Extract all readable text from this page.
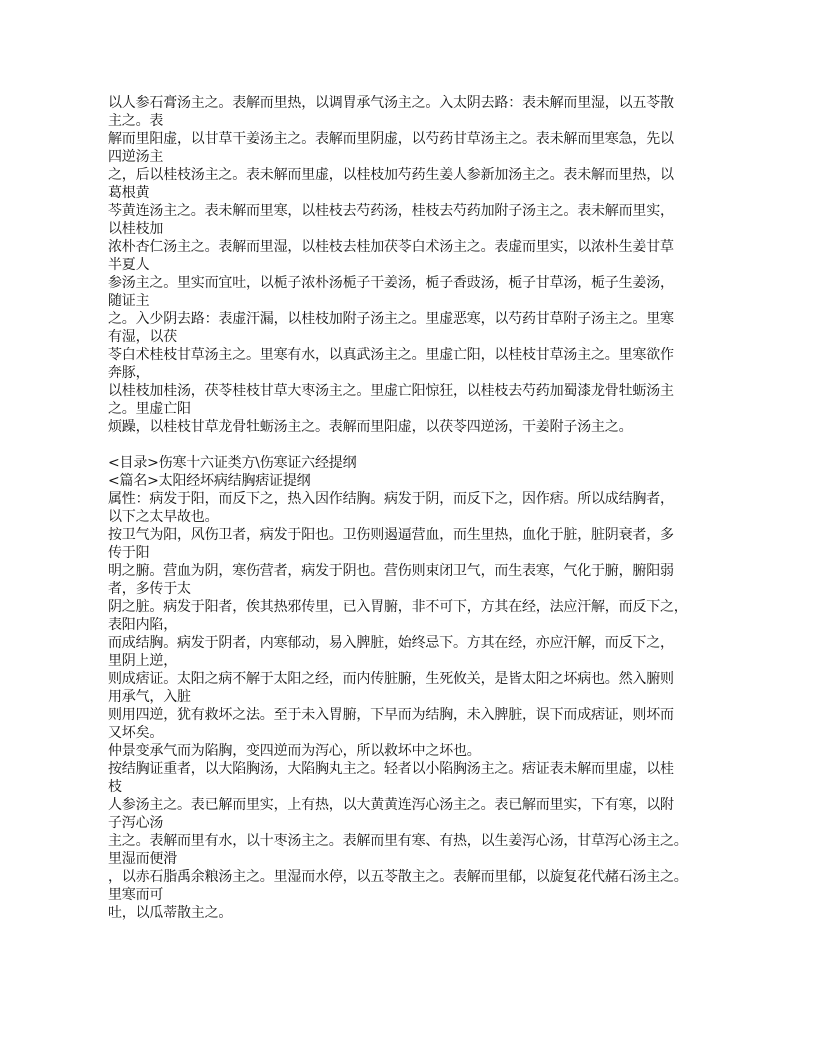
以人参石膏汤主之。表解而里热，以调胃承气汤主之。入太阴去路：表未解而里湿，以五苓散
主之。表
解而里阳虚，以甘草干姜汤主之。表解而里阴虚，以芍药甘草汤主之。表未解而里寒急，先以
四逆汤主
之，后以桂枝汤主之。表未解而里虚，以桂枝加芍药生姜人参新加汤主之。表未解而里热，以
葛根黄
芩黄连汤主之。表未解而里寒，以桂枝去芍药汤，桂枝去芍药加附子汤主之。表未解而里实，
以桂枝加
浓朴杏仁汤主之。表解而里湿，以桂枝去桂加茯苓白术汤主之。表虚而里实，以浓朴生姜甘草
半夏人
参汤主之。里实而宜吐，以栀子浓朴汤栀子干姜汤，栀子香豉汤，栀子甘草汤，栀子生姜汤，
随证主
之。入少阴去路：表虚汗漏，以桂枝加附子汤主之。里虚恶寒，以芍药甘草附子汤主之。里寒
有湿，以茯
苓白术桂枝甘草汤主之。里寒有水，以真武汤主之。里虚亡阳，以桂枝甘草汤主之。里寒欲作
奔豚，
以桂枝加桂汤，茯苓桂枝甘草大枣汤主之。里虚亡阳惊狂，以桂枝去芍药加蜀漆龙骨牡蛎汤主
之。里虚亡阳
烦躁，以桂枝甘草龙骨牡蛎汤主之。表解而里阳虚，以茯苓四逆汤，干姜附子汤主之。
<目录>伤寒十六证类方\伤寒证六经提纲
<篇名>太阳经坏病结胸痞证提纲
属性：病发于阳，而反下之，热入因作结胸。病发于阴，而反下之，因作痞。所以成结胸者，
以下之太早故也。
按卫气为阳，风伤卫者，病发于阳也。卫伤则遏逼营血，而生里热，血化于脏，脏阴衰者，多
传于阳
明之腑。营血为阴，寒伤营者，病发于阴也。营伤则束闭卫气，而生表寒，气化于腑，腑阳弱
者，多传于太
阴之脏。病发于阳者，俟其热邪传里，已入胃腑，非不可下，方其在经，法应汗解，而反下之，
表阳内陷，
而成结胸。病发于阴者，内寒郁动，易入脾脏，始终忌下。方其在经，亦应汗解，而反下之，
里阴上逆，
则成痞证。太阳之病不解于太阳之经，而内传脏腑，生死攸关，是皆太阳之坏病也。然入腑则
用承气，入脏
则用四逆，犹有救坏之法。至于未入胃腑，下早而为结胸，未入脾脏，误下而成痞证，则坏而
又坏矣。
仲景变承气而为陷胸，变四逆而为泻心，所以救坏中之坏也。
按结胸证重者，以大陷胸汤，大陷胸丸主之。轻者以小陷胸汤主之。痞证表未解而里虚，以桂
枝
人参汤主之。表已解而里实，上有热，以大黄黄连泻心汤主之。表已解而里实，下有寒，以附
子泻心汤
主之。表解而里有水，以十枣汤主之。表解而里有寒、有热，以生姜泻心汤，甘草泻心汤主之。
里湿而便滑
，以赤石脂禹余粮汤主之。里湿而水停，以五苓散主之。表解而里郁，以旋复花代赭石汤主之。
里寒而可
吐，以瓜蒂散主之。
